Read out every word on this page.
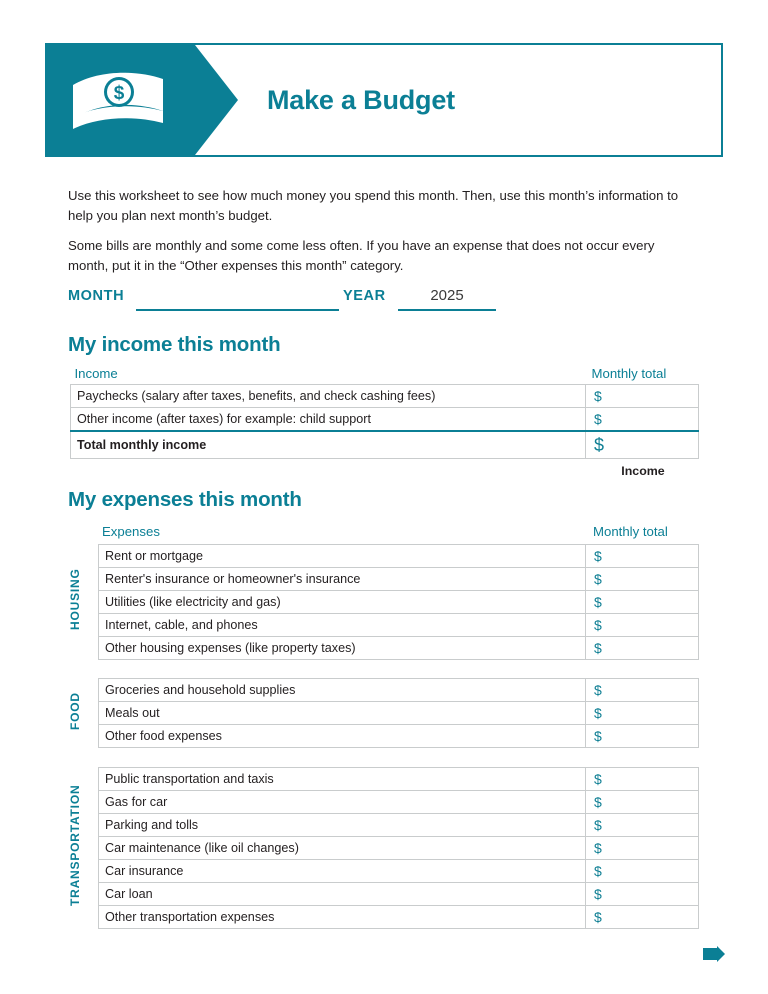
$	Make a Budget
Use this worksheet to see how much money you spend this month. Then, use this month’s information to help you plan next month’s budget.
Some bills are monthly and some come less often. If you have an expense that does not occur every month, put it in the “Other expenses this month” category.
MONTH	YEAR	2025
My income this month
Income	Monthly total
Paychecks (salary after taxes, benefits, and check cashing fees)	$
Other income (after taxes) for example: child support	$
Total monthly income	$
Income
My expenses this month
Expenses	Monthly total
HOUSING
Rent or mortgage	$
Renter's insurance or homeowner's insurance	$
Utilities (like electricity and gas)	$
Internet, cable, and phones	$
Other housing expenses (like property taxes)	$
FOOD
Groceries and household supplies	$
Meals out	$
Other food expenses	$
TRANSPORTATION
Public transportation and taxis	$
Gas for car	$
Parking and tolls	$
Car maintenance (like oil changes)	$
Car insurance	$
Car loan	$
Other transportation expenses	$
